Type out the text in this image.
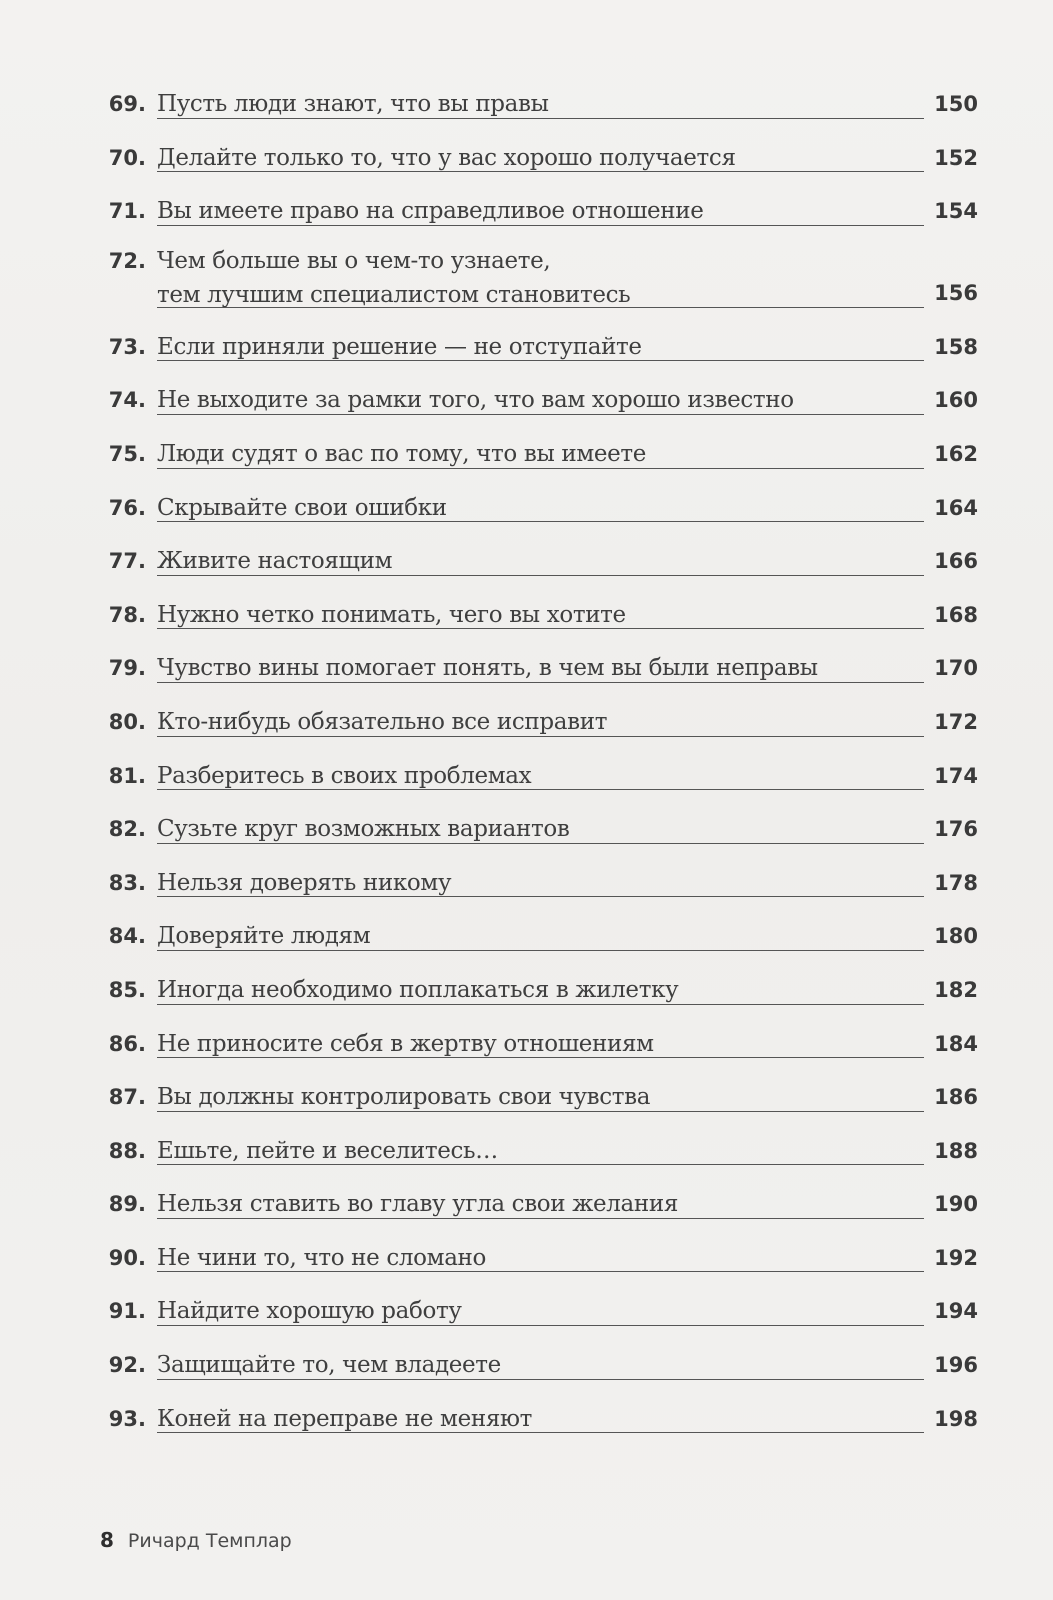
69. Пусть люди знают, что вы правы	150
70. Делайте только то, что у вас хорошо получается	152
71. Вы имеете право на справедливое отношение	154
72. Чем больше вы о чем-то узнаете,
тем лучшим специалистом становитесь	156
73. Если приняли решение — не отступайте	158
74. Не выходите за рамки того, что вам хорошо известно	160
75. Люди судят о вас по тому, что вы имеете	162
76. Скрывайте свои ошибки	164
77. Живите настоящим	166
78. Нужно четко понимать, чего вы хотите	168
79. Чувство вины помогает понять, в чем вы были неправы	170
80. Кто-нибудь обязательно все исправит	172
81. Разберитесь в своих проблемах	174
82. Сузьте круг возможных вариантов	176
83. Нельзя доверять никому	178
84. Доверяйте людям	180
85. Иногда необходимо поплакаться в жилетку	182
86. Не приносите себя в жертву отношениям	184
87. Вы должны контролировать свои чувства	186
88. Ешьте, пейте и веселитесь…	188
89. Нельзя ставить во главу угла свои желания	190
90. Не чини то, что не сломано	192
91. Найдите хорошую работу	194
92. Защищайте то, чем владеете	196
93. Коней на переправе не меняют	198
8 Ричард Темплар
